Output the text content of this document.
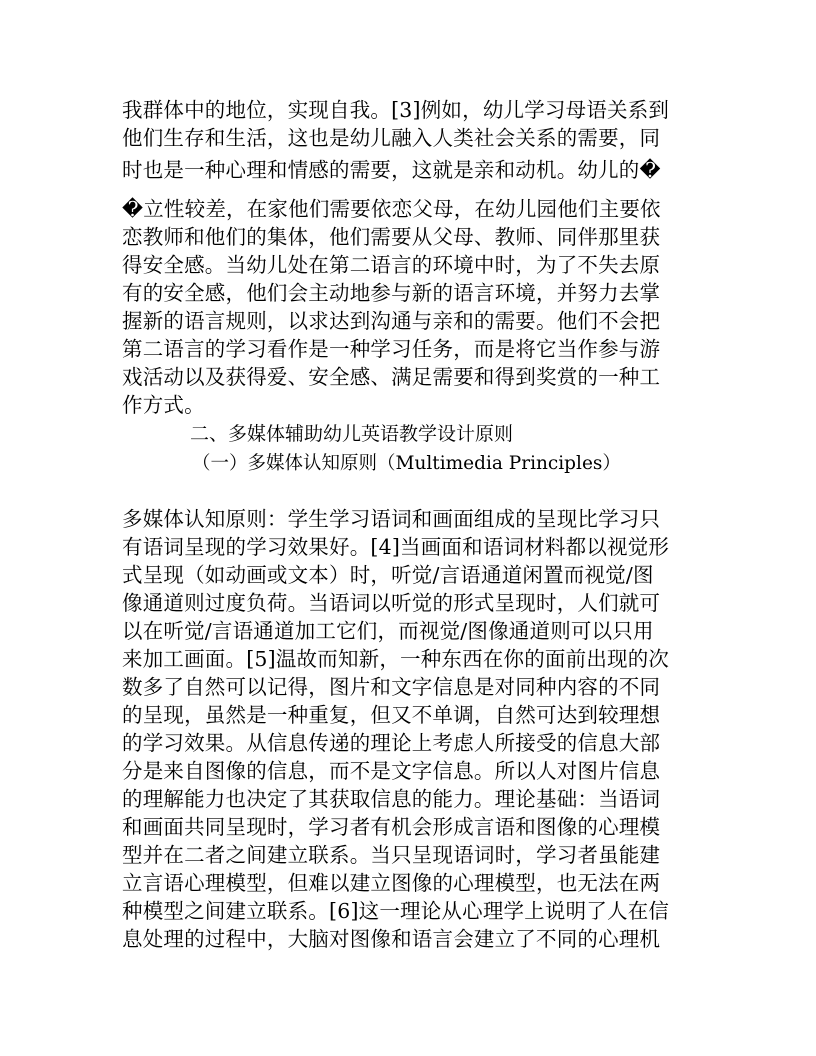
我群体中的地位，实现自我。[3]例如，幼儿学习母语关系到
他们生存和生活，这也是幼儿融入人类社会关系的需要，同
时也是一种心理和情感的需要，这就是亲和动机。幼儿的�
�立性较差，在家他们需要依恋父母，在幼儿园他们主要依
恋教师和他们的集体，他们需要从父母、教师、同伴那里获
得安全感。当幼儿处在第二语言的环境中时，为了不失去原
有的安全感，他们会主动地参与新的语言环境，并努力去掌
握新的语言规则，以求达到沟通与亲和的需要。他们不会把
第二语言的学习看作是一种学习任务，而是将它当作参与游
戏活动以及获得爱、安全感、满足需要和得到奖赏的一种工
作方式。
二、多媒体辅助幼儿英语教学设计原则
（一）多媒体认知原则（Multimedia Principles）
多媒体认知原则：学生学习语词和画面组成的呈现比学习只
有语词呈现的学习效果好。[4]当画面和语词材料都以视觉形
式呈现（如动画或文本）时，听觉/言语通道闲置而视觉/图
像通道则过度负荷。当语词以听觉的形式呈现时，人们就可
以在听觉/言语通道加工它们，而视觉/图像通道则可以只用
来加工画面。[5]温故而知新，一种东西在你的面前出现的次
数多了自然可以记得，图片和文字信息是对同种内容的不同
的呈现，虽然是一种重复，但又不单调，自然可达到较理想
的学习效果。从信息传递的理论上考虑人所接受的信息大部
分是来自图像的信息，而不是文字信息。所以人对图片信息
的理解能力也决定了其获取信息的能力。理论基础：当语词
和画面共同呈现时，学习者有机会形成言语和图像的心理模
型并在二者之间建立联系。当只呈现语词时，学习者虽能建
立言语心理模型，但难以建立图像的心理模型，也无法在两
种模型之间建立联系。[6]这一理论从心理学上说明了人在信
息处理的过程中，大脑对图像和语言会建立了不同的心理机
